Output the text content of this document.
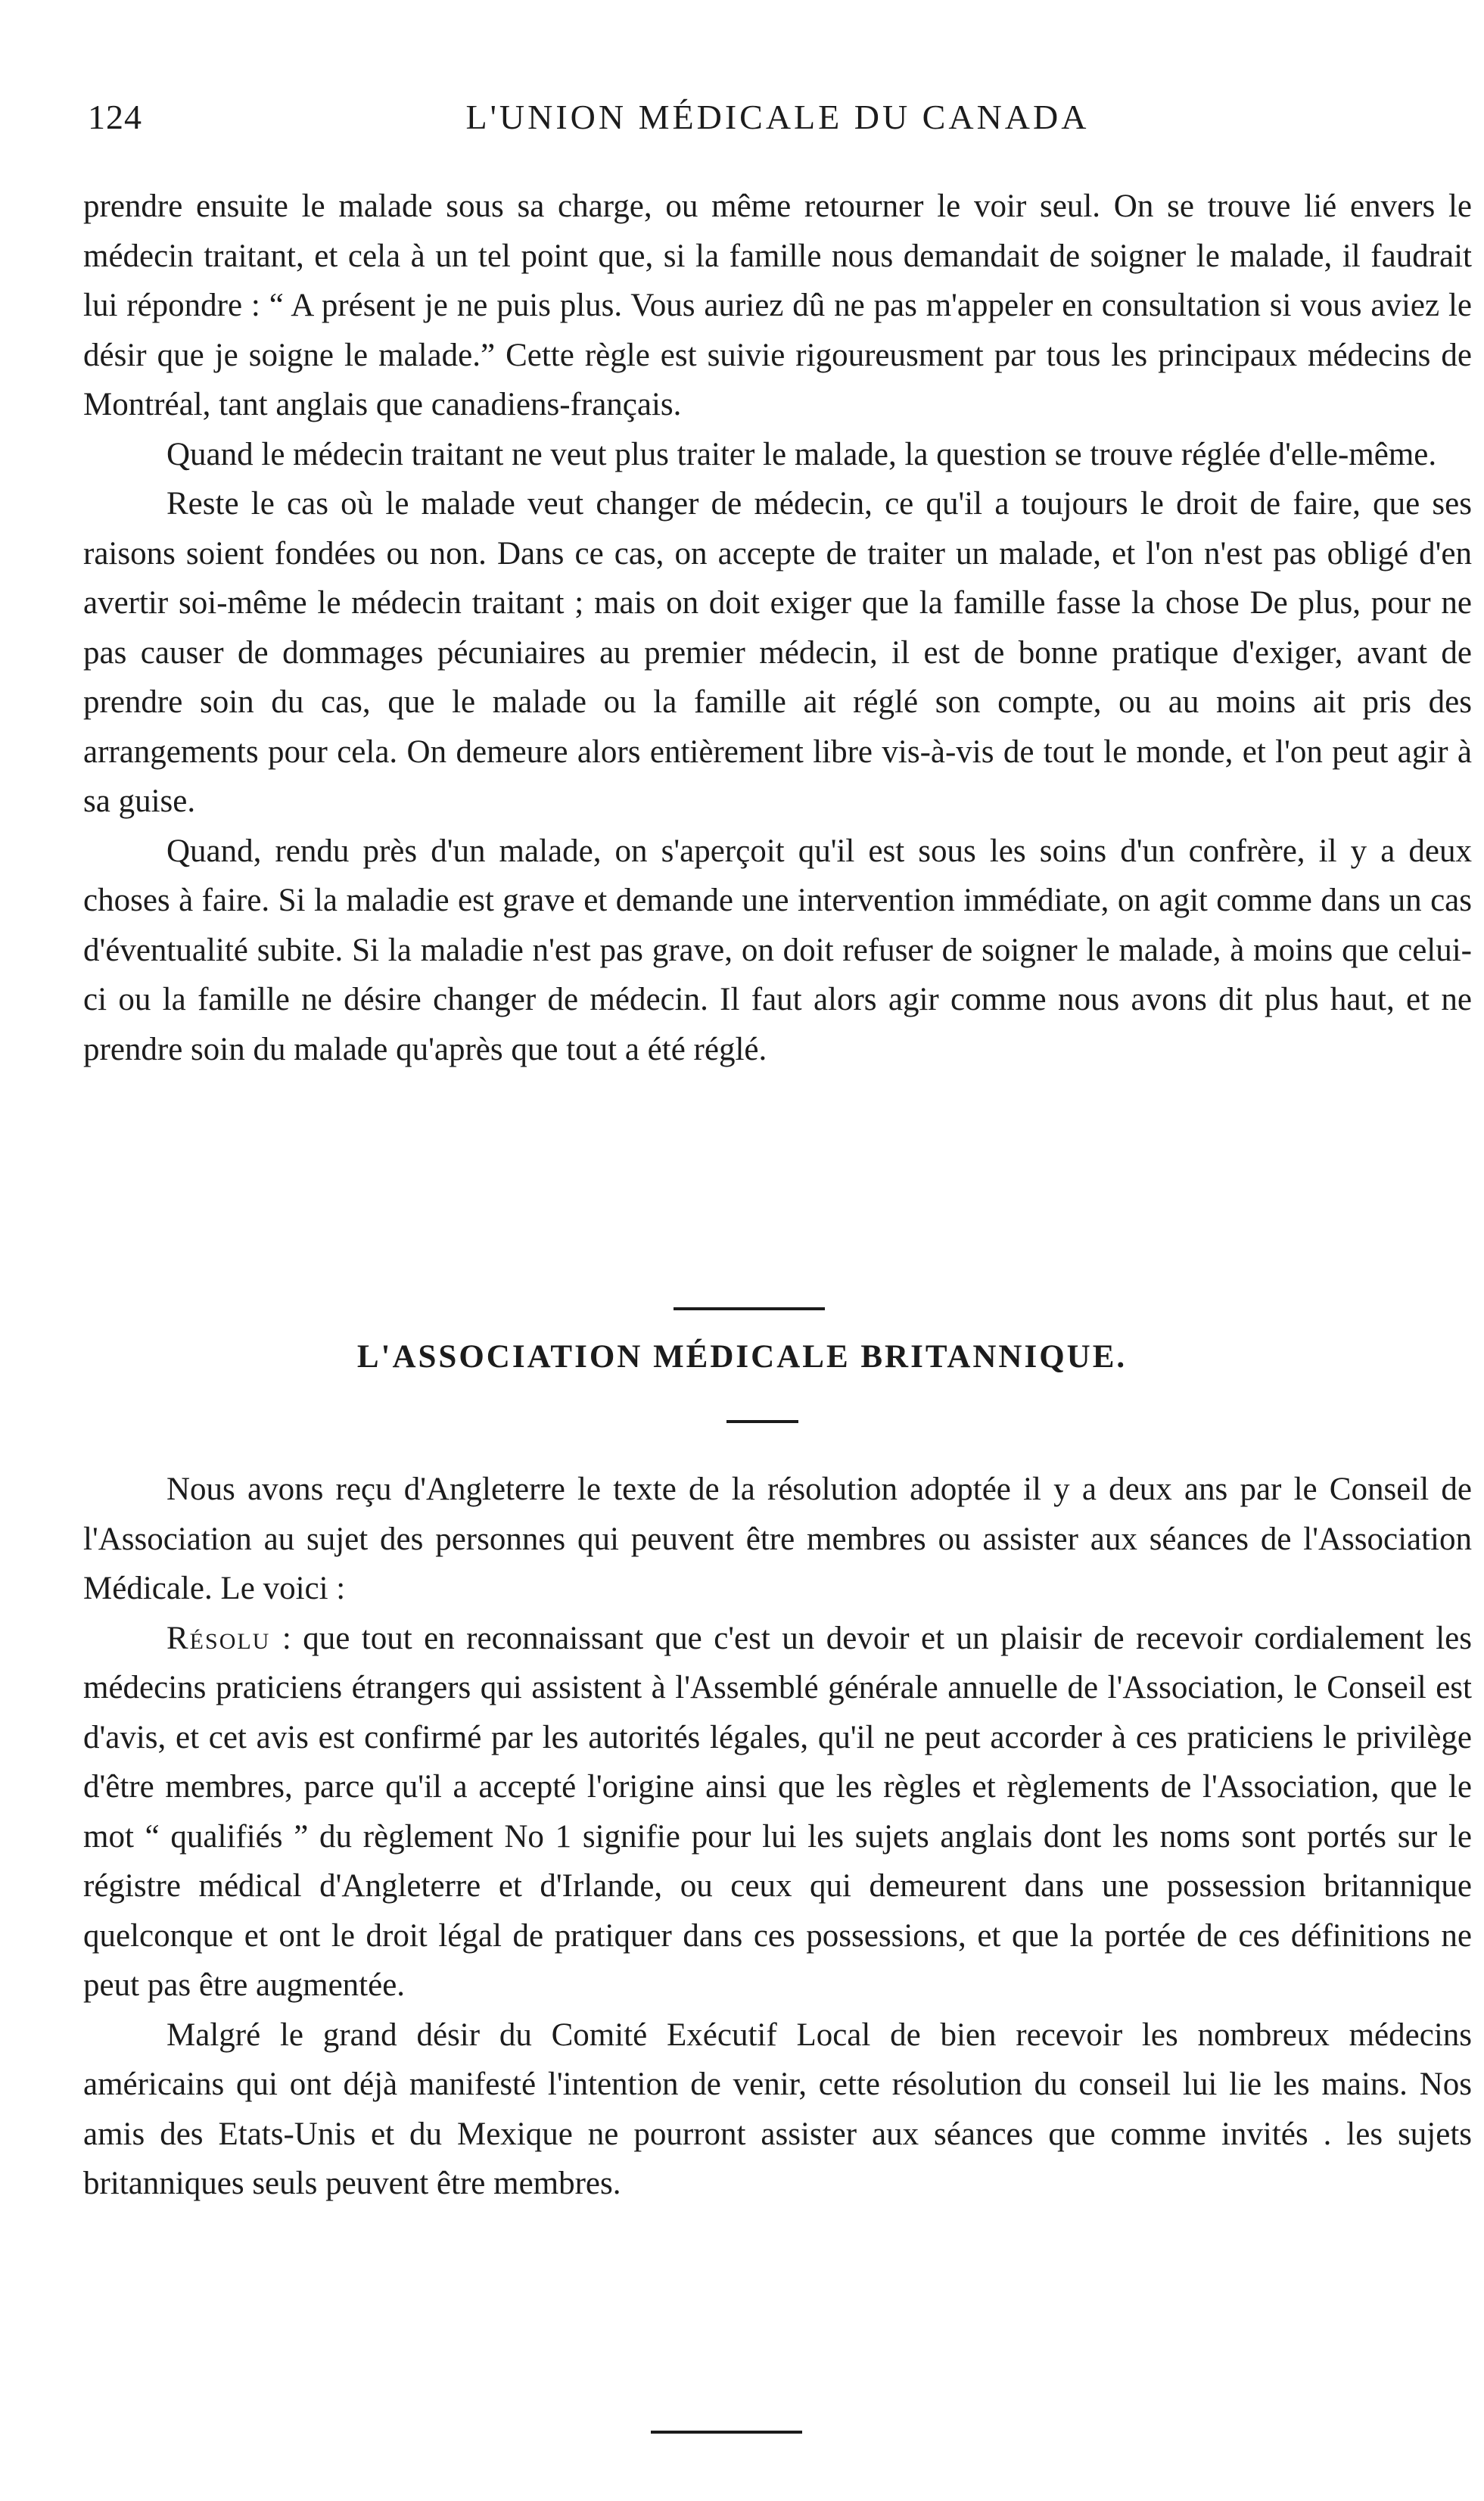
124	L'UNION MÉDICALE DU CANADA

prendre ensuite le malade sous sa charge, ou même retourner le voir seul. On se trouve lié envers le médecin traitant, et cela à un tel point que, si la famille nous demandait de soigner le malade, il faudrait lui répondre : “ A présent je ne puis plus. Vous auriez dû ne pas m'appeler en consultation si vous aviez le désir que je soigne le malade.” Cette règle est suivie rigoureusment par tous les principaux médecins de Montréal, tant anglais que canadiens-français.

Quand le médecin traitant ne veut plus traiter le malade, la question se trouve réglée d'elle-même.

Reste le cas où le malade veut changer de médecin, ce qu'il a toujours le droit de faire, que ses raisons soient fondées ou non. Dans ce cas, on accepte de traiter un malade, et l'on n'est pas obligé d'en avertir soi-même le médecin traitant ; mais on doit exiger que la famille fasse la chose De plus, pour ne pas causer de dommages pécuniaires au premier médecin, il est de bonne pratique d'exiger, avant de prendre soin du cas, que le malade ou la famille ait réglé son compte, ou au moins ait pris des arrangements pour cela. On demeure alors entièrement libre vis-à-vis de tout le monde, et l'on peut agir à sa guise.

Quand, rendu près d'un malade, on s'aperçoit qu'il est sous les soins d'un confrère, il y a deux choses à faire. Si la maladie est grave et demande une intervention immédiate, on agit comme dans un cas d'éventualité subite. Si la maladie n'est pas grave, on doit refuser de soigner le malade, à moins que celui-ci ou la famille ne désire changer de médecin. Il faut alors agir comme nous avons dit plus haut, et ne prendre soin du malade qu'après que tout a été réglé.

L'ASSOCIATION MÉDICALE BRITANNIQUE.

Nous avons reçu d'Angleterre le texte de la résolution adoptée il y a deux ans par le Conseil de l'Association au sujet des personnes qui peuvent être membres ou assister aux séances de l'Association Médicale. Le voici :

Résolu : que tout en reconnaissant que c'est un devoir et un plaisir de recevoir cordialement les médecins praticiens étrangers qui assistent à l'Assemblé générale annuelle de l'Association, le Conseil est d'avis, et cet avis est confirmé par les autorités légales, qu'il ne peut accorder à ces praticiens le privilège d'être membres, parce qu'il a accepté l'origine ainsi que les règles et règlements de l'Association, que le mot “ qualifiés ” du règlement No 1 signifie pour lui les sujets anglais dont les noms sont portés sur le régistre médical d'Angleterre et d'Irlande, ou ceux qui demeurent dans une possession britannique quelconque et ont le droit légal de pratiquer dans ces possessions, et que la portée de ces définitions ne peut pas être augmentée.

Malgré le grand désir du Comité Exécutif Local de bien recevoir les nombreux médecins américains qui ont déjà manifesté l'intention de venir, cette résolution du conseil lui lie les mains. Nos amis des Etats-Unis et du Mexique ne pourront assister aux séances que comme invités . les sujets britanniques seuls peuvent être membres.
